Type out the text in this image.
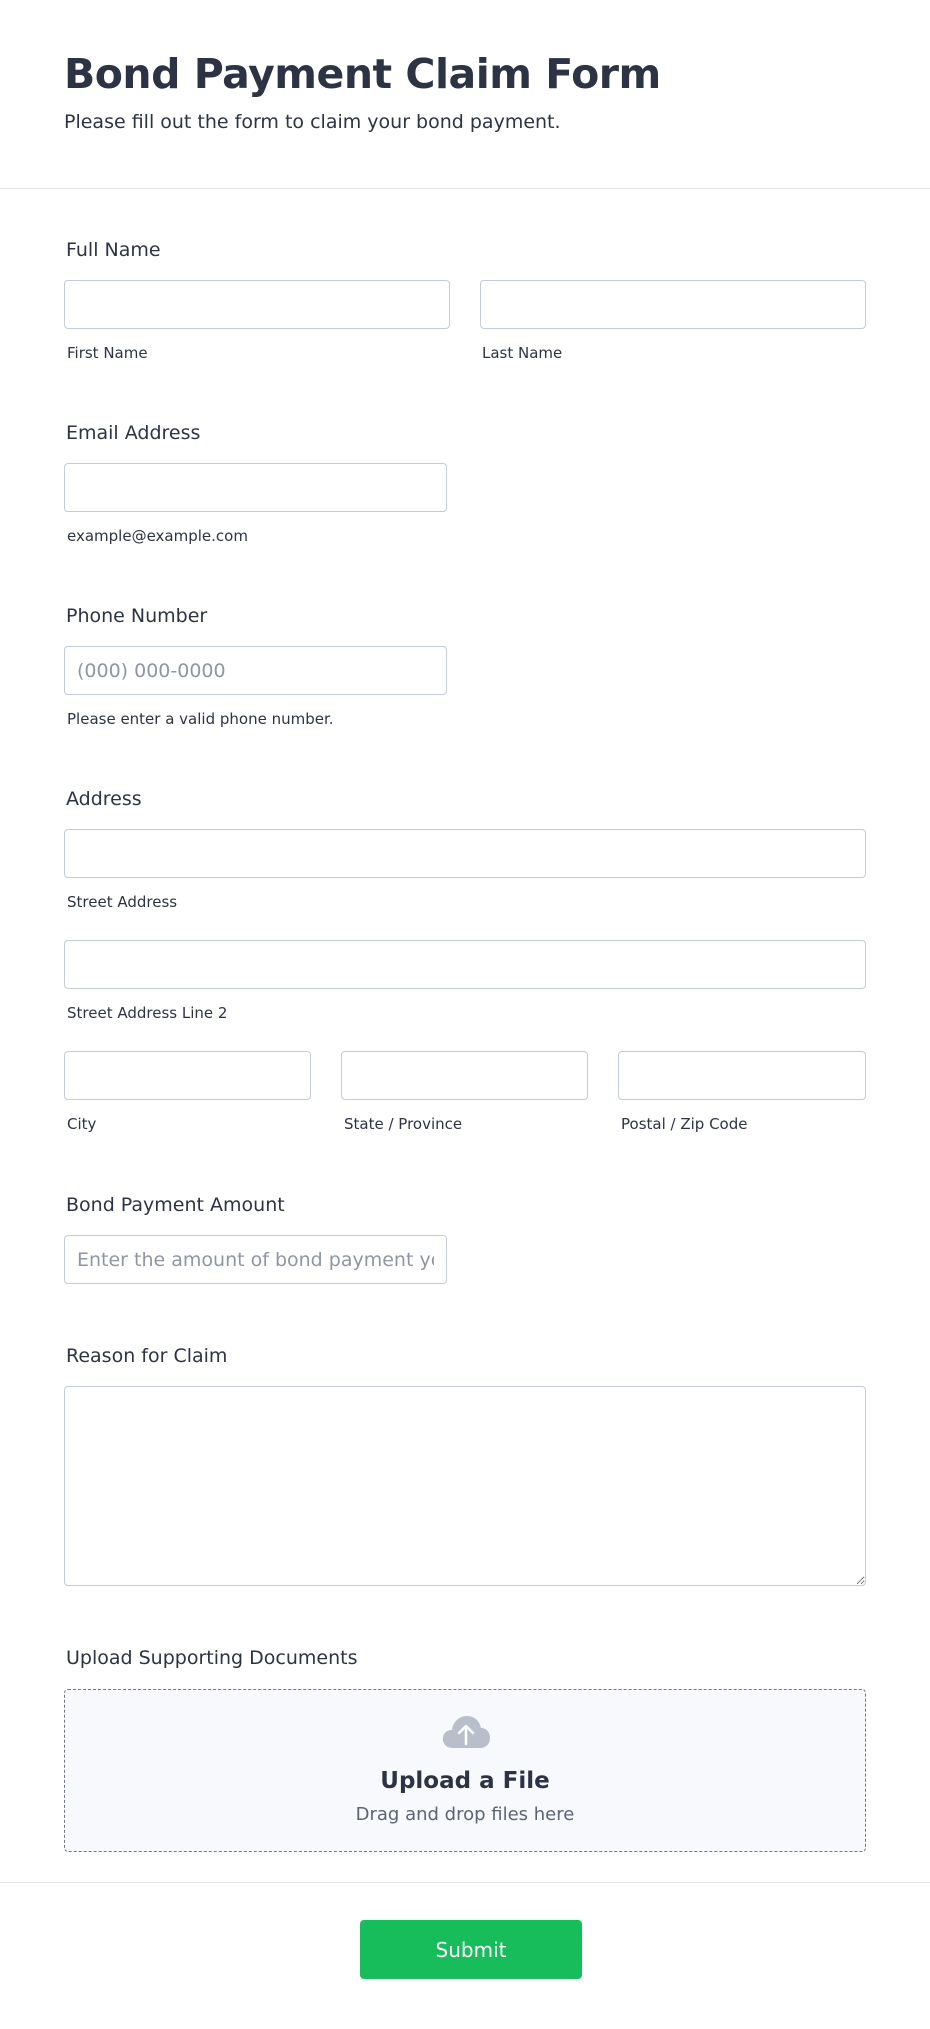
Bond Payment Claim Form
Please fill out the form to claim your bond payment.
Full Name
First Name	Last Name
Email Address
example@example.com
Phone Number
(000) 000-0000
Please enter a valid phone number.
Address
Street Address
Street Address Line 2
City	State / Province	Postal / Zip Code
Bond Payment Amount
Enter the amount of bond payment you are claiming
Reason for Claim
Upload Supporting Documents
Upload a File
Drag and drop files here
Submit
